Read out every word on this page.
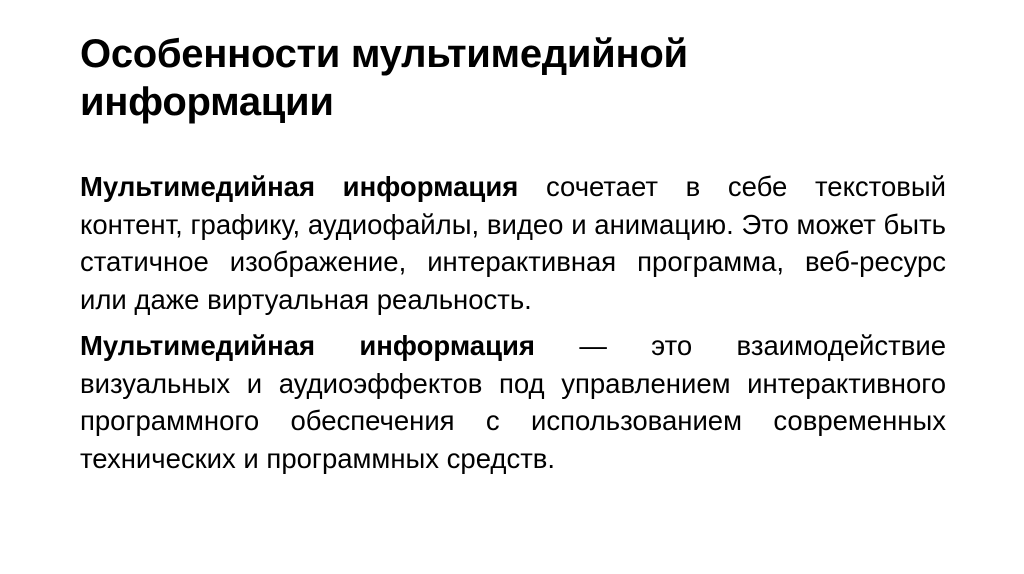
Особенности мультимедийной информации

Мультимедийная информация сочетает в себе текстовый контент, графику, аудиофайлы, видео и анимацию. Это может быть статичное изображение, интерактивная программа, веб-ресурс или даже виртуальная реальность.

Мультимедийная информация — это взаимодействие визуальных и аудиоэффектов под управлением интерактивного программного обеспечения с использованием современных технических и программных средств.
